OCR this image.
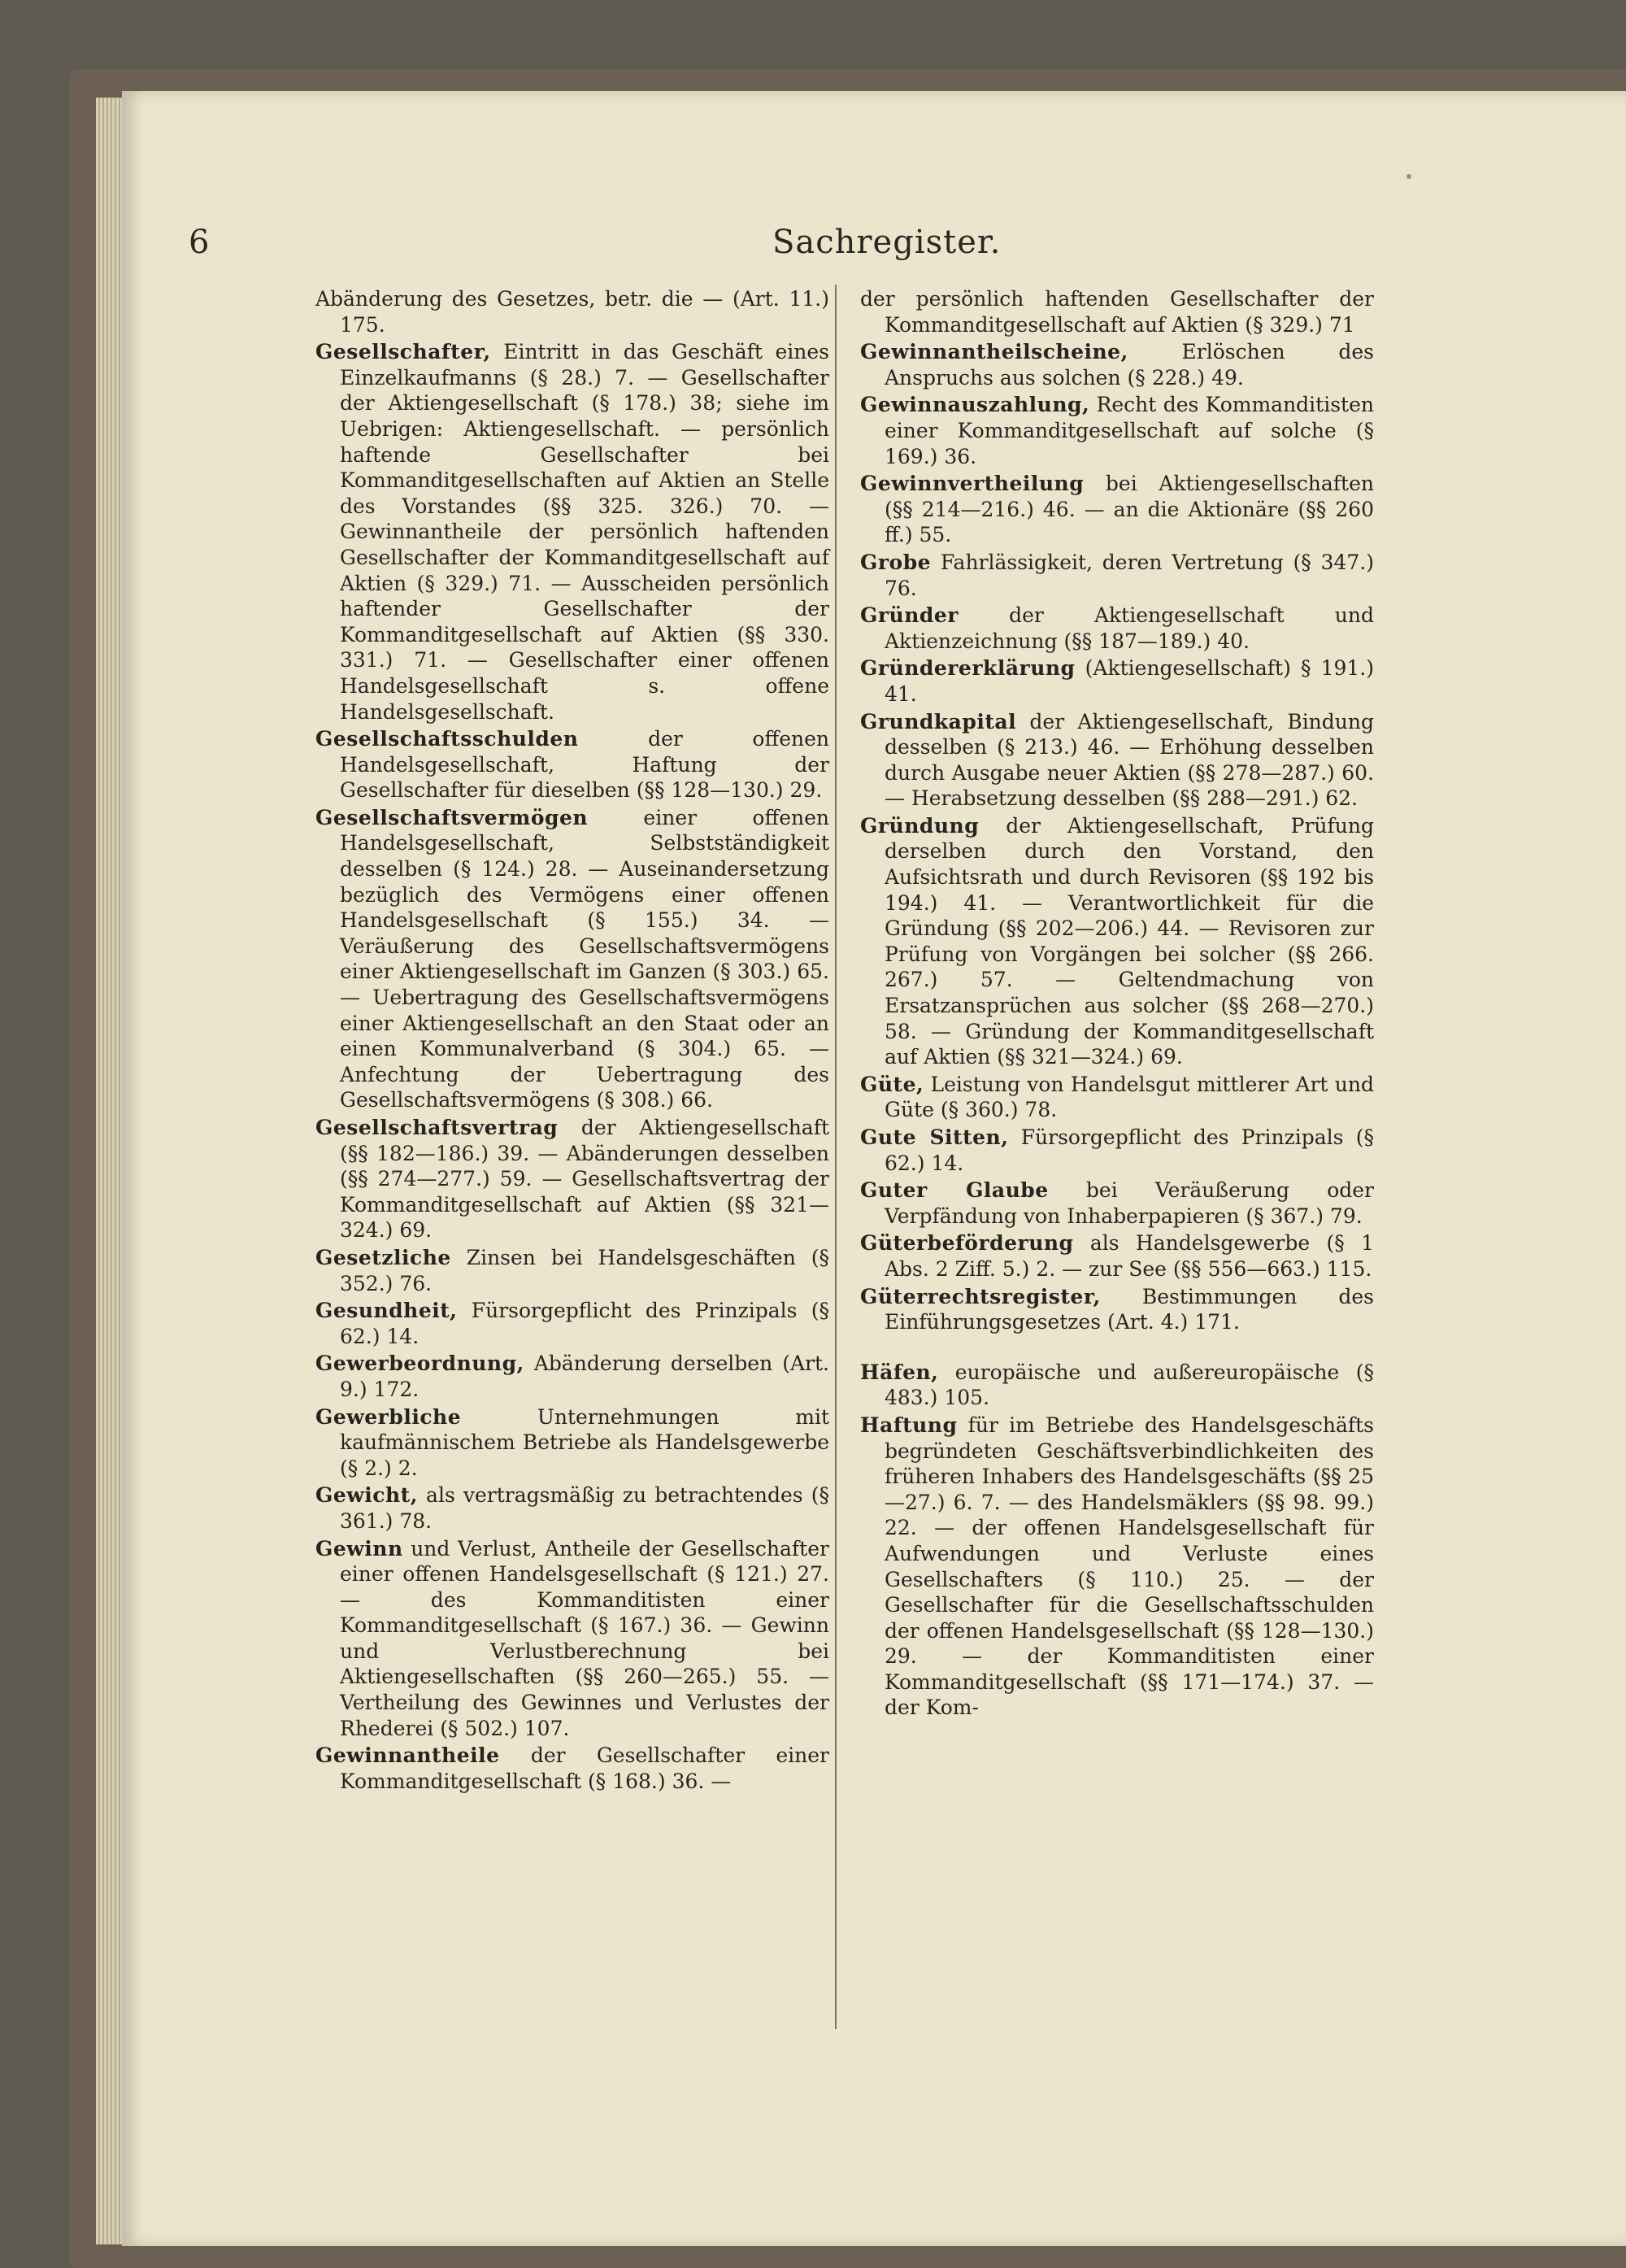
6	Sachregister.

Abänderung des Gesetzes, betr. die — (Art. 11.) 175.

Gesellschafter, Eintritt in das Geschäft eines Einzelkaufmanns (§ 28.) 7. — Gesellschafter der Aktiengesellschaft (§ 178.) 38; siehe im Uebrigen: Aktiengesellschaft. — persönlich haftende Gesellschafter bei Kommanditgesellschaften auf Aktien an Stelle des Vorstandes (§§ 325. 326.) 70. — Gewinnantheile der persönlich haftenden Gesellschafter der Kommanditgesellschaft auf Aktien (§ 329.) 71. — Ausscheiden persönlich haftender Gesellschafter der Kommanditgesellschaft auf Aktien (§§ 330. 331.) 71. — Gesellschafter einer offenen Handelsgesellschaft s. offene Handelsgesellschaft.

Gesellschaftsschulden	der offenen Handelsgesellschaft, Haftung der Gesellschafter für dieselben (§§ 128—130.) 29.

Gesellschaftsvermögen	einer offenen Handelsgesellschaft, Selbstständigkeit desselben (§ 124.) 28. — Auseinandersetzung bezüglich des Vermögens einer offenen Handelsgesellschaft (§ 155.) 34. — Veräußerung des Gesellschaftsvermögens einer Aktiengesellschaft im Ganzen (§ 303.) 65. — Uebertragung des Gesellschaftsvermögens einer Aktiengesellschaft an den Staat oder an einen Kommunalverband (§ 304.) 65. — Anfechtung der Uebertragung des Gesellschaftsvermögens (§ 308.) 66.

Gesellschaftsvertrag der Aktiengesellschaft (§§ 182—186.) 39. — Abänderungen desselben (§§ 274—277.) 59. — Gesellschaftsvertrag der Kommanditgesellschaft auf Aktien (§§ 321—324.) 69.

Gesetzliche Zinsen bei Handelsgeschäften (§ 352.) 76.

Gesundheit, Fürsorgepflicht des Prinzipals (§ 62.) 14.

Gewerbeordnung, Abänderung derselben (Art. 9.) 172.

Gewerbliche	Unternehmungen mit kaufmännischem Betriebe als Handelsgewerbe (§ 2.) 2.

Gewicht, als vertragsmäßig zu betrachtendes (§ 361.) 78.

Gewinn und Verlust, Antheile der Gesellschafter einer offenen Handelsgesellschaft (§ 121.) 27. — des Kommanditisten einer Kommanditgesellschaft (§ 167.) 36. — Gewinn und Verlustberechnung bei Aktiengesellschaften (§§ 260—265.) 55. — Vertheilung des Gewinnes und Verlustes der Rhederei (§ 502.) 107.

Gewinnantheile der Gesellschafter einer Kommanditgesellschaft (§ 168.) 36. —

der persönlich haftenden Gesellschafter der Kommanditgesellschaft auf Aktien (§ 329.) 71

Gewinnantheilscheine,	Erlöschen des Anspruchs aus solchen (§ 228.) 49.

Gewinnauszahlung, Recht des Kommanditisten einer Kommanditgesellschaft auf solche (§ 169.) 36.

Gewinnvertheilung bei Aktiengesellschaften (§§ 214—216.) 46. — an die Aktionäre (§§ 260 ff.) 55.

Grobe Fahrlässigkeit, deren Vertretung (§ 347.) 76.

Gründer der Aktiengesellschaft und Aktienzeichnung (§§ 187—189.) 40.

Gründererklärung (Aktiengesellschaft) § 191.) 41.

Grundkapital der Aktiengesellschaft, Bindung desselben (§ 213.) 46. — Erhöhung desselben durch Ausgabe neuer Aktien (§§ 278—287.) 60. — Herabsetzung desselben (§§ 288—291.) 62.

Gründung der Aktiengesellschaft, Prüfung derselben durch den Vorstand, den Aufsichtsrath und durch Revisoren (§§ 192 bis 194.) 41. — Verantwortlichkeit für die Gründung (§§ 202—206.) 44. — Revisoren zur Prüfung von Vorgängen bei solcher (§§ 266. 267.) 57. — Geltendmachung von Ersatzansprüchen aus solcher (§§ 268—270.) 58. — Gründung der Kommanditgesellschaft auf Aktien (§§ 321—324.) 69.

Güte, Leistung von Handelsgut mittlerer Art und Güte (§ 360.) 78.

Gute Sitten, Fürsorgepflicht des Prinzipals (§ 62.) 14.

Guter Glaube bei Veräußerung oder Verpfändung von Inhaberpapieren (§ 367.) 79.

Güterbeförderung als Handelsgewerbe (§ 1 Abs. 2 Ziff. 5.) 2. — zur See (§§ 556—663.) 115.

Güterrechtsregister, Bestimmungen des Einführungsgesetzes (Art. 4.) 171.

Häfen, europäische und außereuropäische (§ 483.) 105.

Haftung für im Betriebe des Handelsgeschäfts begründeten Geschäftsverbindlichkeiten des früheren Inhabers des Handelsgeschäfts (§§ 25—27.) 6. 7. — des Handelsmäklers (§§ 98. 99.) 22. — der offenen Handelsgesellschaft für Aufwendungen und Verluste eines Gesellschafters (§ 110.) 25. — der Gesellschafter für die Gesellschaftsschulden der offenen Handelsgesellschaft (§§ 128—130.) 29. — der Kommanditisten einer Kommanditgesellschaft (§§ 171—174.) 37. — der Kom-
